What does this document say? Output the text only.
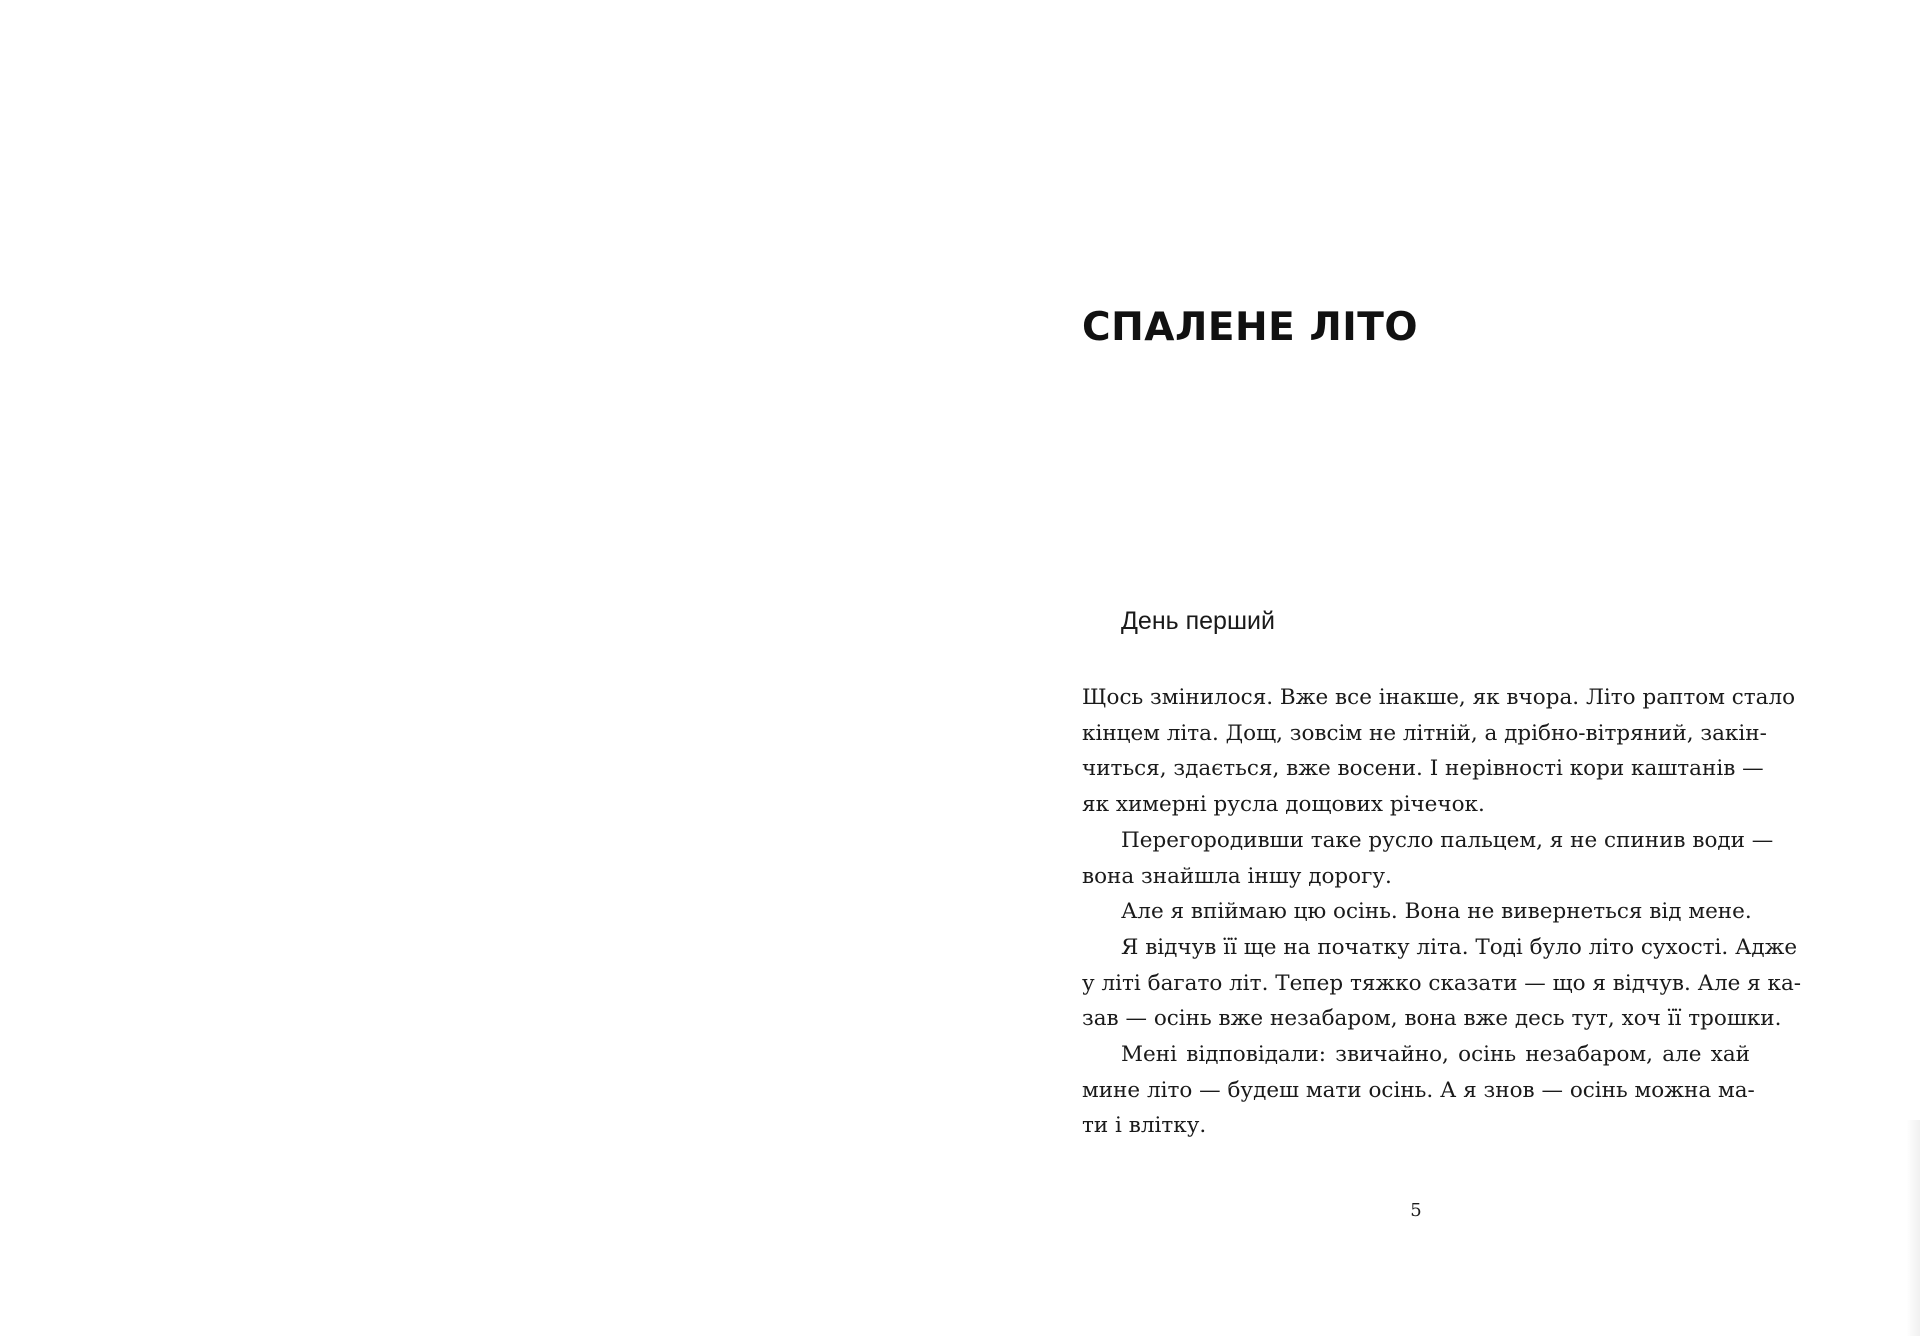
СПАЛЕНЕ ЛІТО
День перший
Щось змінилося. Вже все інакше, як вчора. Літо раптом стало
кінцем літа. Дощ, зовсім не літній, а дрібно-вітряний, закін-
читься, здається, вже восени. І нерівності кори каштанів —
як химерні русла дощових річечок.
Перегородивши таке русло пальцем, я не спинив води —
вона знайшла іншу дорогу.
Але я впіймаю цю осінь. Вона не вивернеться від мене.
Я відчув її ще на початку літа. Тоді було літо сухості. Адже
у літі багато літ. Тепер тяжко сказати — що я відчув. Але я ка-
зав — осінь вже незабаром, вона вже десь тут, хоч її трошки.
Мені відповідали: звичайно, осінь незабаром, але хай
мине літо — будеш мати осінь. А я знов — осінь можна ма-
ти і влітку.
5
